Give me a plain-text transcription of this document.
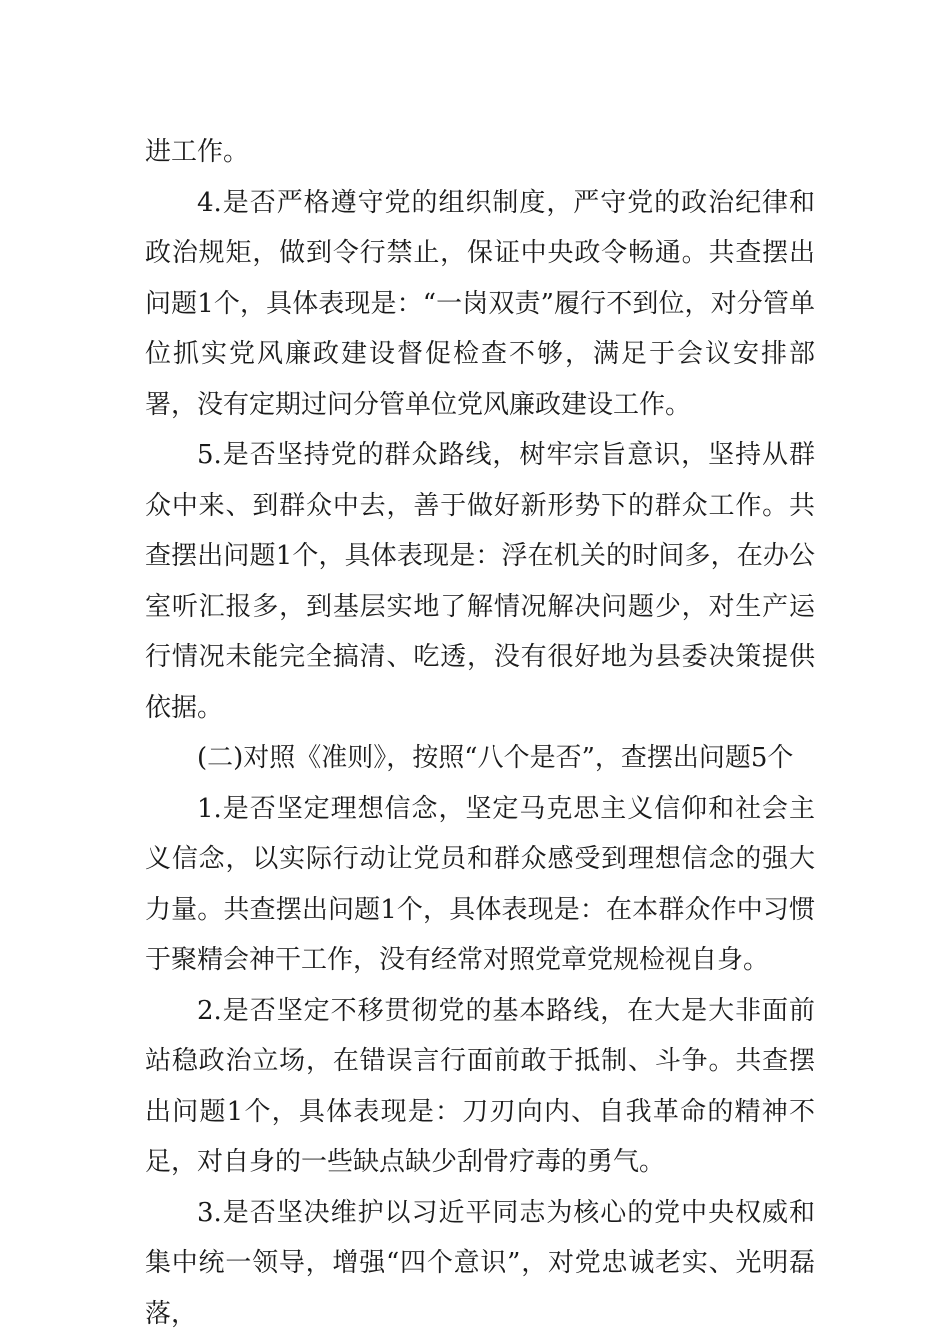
进工作。

4.是否严格遵守党的组织制度，严守党的政治纪律和政治规矩，做到令行禁止，保证中央政令畅通。共查摆出问题1个，具体表现是：“一岗双责”履行不到位，对分管单位抓实党风廉政建设督促检查不够，满足于会议安排部署，没有定期过问分管单位党风廉政建设工作。

5.是否坚持党的群众路线，树牢宗旨意识，坚持从群众中来、到群众中去，善于做好新形势下的群众工作。共查摆出问题1个，具体表现是：浮在机关的时间多，在办公室听汇报多，到基层实地了解情况解决问题少，对生产运行情况未能完全搞清、吃透，没有很好地为县委决策提供依据。

(二)对照《准则》，按照“八个是否”，查摆出问题5个

1.是否坚定理想信念，坚定马克思主义信仰和社会主义信念，以实际行动让党员和群众感受到理想信念的强大力量。共查摆出问题1个，具体表现是：在本群众作中习惯于聚精会神干工作，没有经常对照党章党规检视自身。

2.是否坚定不移贯彻党的基本路线，在大是大非面前站稳政治立场，在错误言行面前敢于抵制、斗争。共查摆出问题1个，具体表现是：刀刃向内、自我革命的精神不足，对自身的一些缺点缺少刮骨疗毒的勇气。

3.是否坚决维护以习近平同志为核心的党中央权威和集中统一领导，增强“四个意识”，对党忠诚老实、光明磊落，
